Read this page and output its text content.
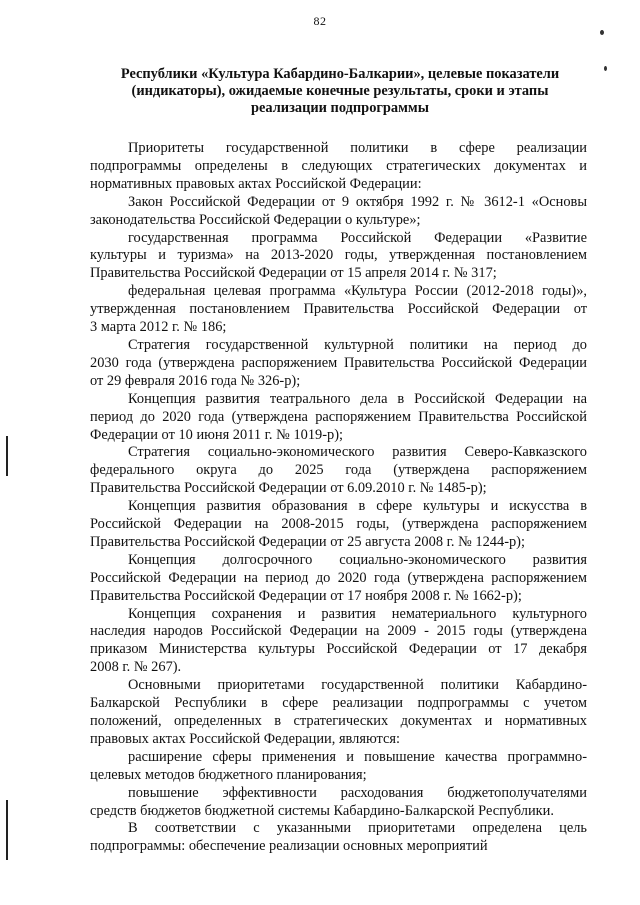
82
Республики «Культура Кабардино-Балкарии», целевые показатели
(индикаторы), ожидаемые конечные результаты, сроки и этапы
реализации подпрограммы
Приоритеты государственной политики в сфере реализации
подпрограммы определены в следующих стратегических документах и
нормативных правовых актах Российской Федерации:
Закон Российской Федерации от 9 октября 1992 г. № 3612-1 «Основы
законодательства Российской Федерации о культуре»;
государственная программа Российской Федерации «Развитие
культуры и туризма» на 2013-2020 годы, утвержденная постановлением
Правительства Российской Федерации от 15 апреля 2014 г. № 317;
федеральная целевая программа «Культура России (2012-2018 годы)»,
утвержденная постановлением Правительства Российской Федерации от
3 марта 2012 г. № 186;
Стратегия государственной культурной политики на период до
2030 года (утверждена распоряжением Правительства Российской Федерации
от 29 февраля 2016 года № 326-р);
Концепция развития театрального дела в Российской Федерации на
период до 2020 года (утверждена распоряжением Правительства Российской
Федерации от 10 июня 2011 г. № 1019-р);
Стратегия социально-экономического развития Северо-Кавказского
федерального округа до 2025 года (утверждена распоряжением
Правительства Российской Федерации от 6.09.2010 г. № 1485-р);
Концепция развития образования в сфере культуры и искусства в
Российской Федерации на 2008-2015 годы, (утверждена распоряжением
Правительства Российской Федерации от 25 августа 2008 г. № 1244-р);
Концепция долгосрочного социально-экономического развития
Российской Федерации на период до 2020 года (утверждена распоряжением
Правительства Российской Федерации от 17 ноября 2008 г. № 1662-р);
Концепция сохранения и развития нематериального культурного
наследия народов Российской Федерации на 2009 - 2015 годы (утверждена
приказом Министерства культуры Российской Федерации от 17 декабря
2008 г. № 267).
Основными приоритетами государственной политики Кабардино-
Балкарской Республики в сфере реализации подпрограммы с учетом
положений, определенных в стратегических документах и нормативных
правовых актах Российской Федерации, являются:
расширение сферы применения и повышение качества программно-
целевых методов бюджетного планирования;
повышение эффективности расходования бюджетополучателями
средств бюджетов бюджетной системы Кабардино-Балкарской Республики.
В соответствии с указанными приоритетами определена цель
подпрограммы: обеспечение реализации основных мероприятий
